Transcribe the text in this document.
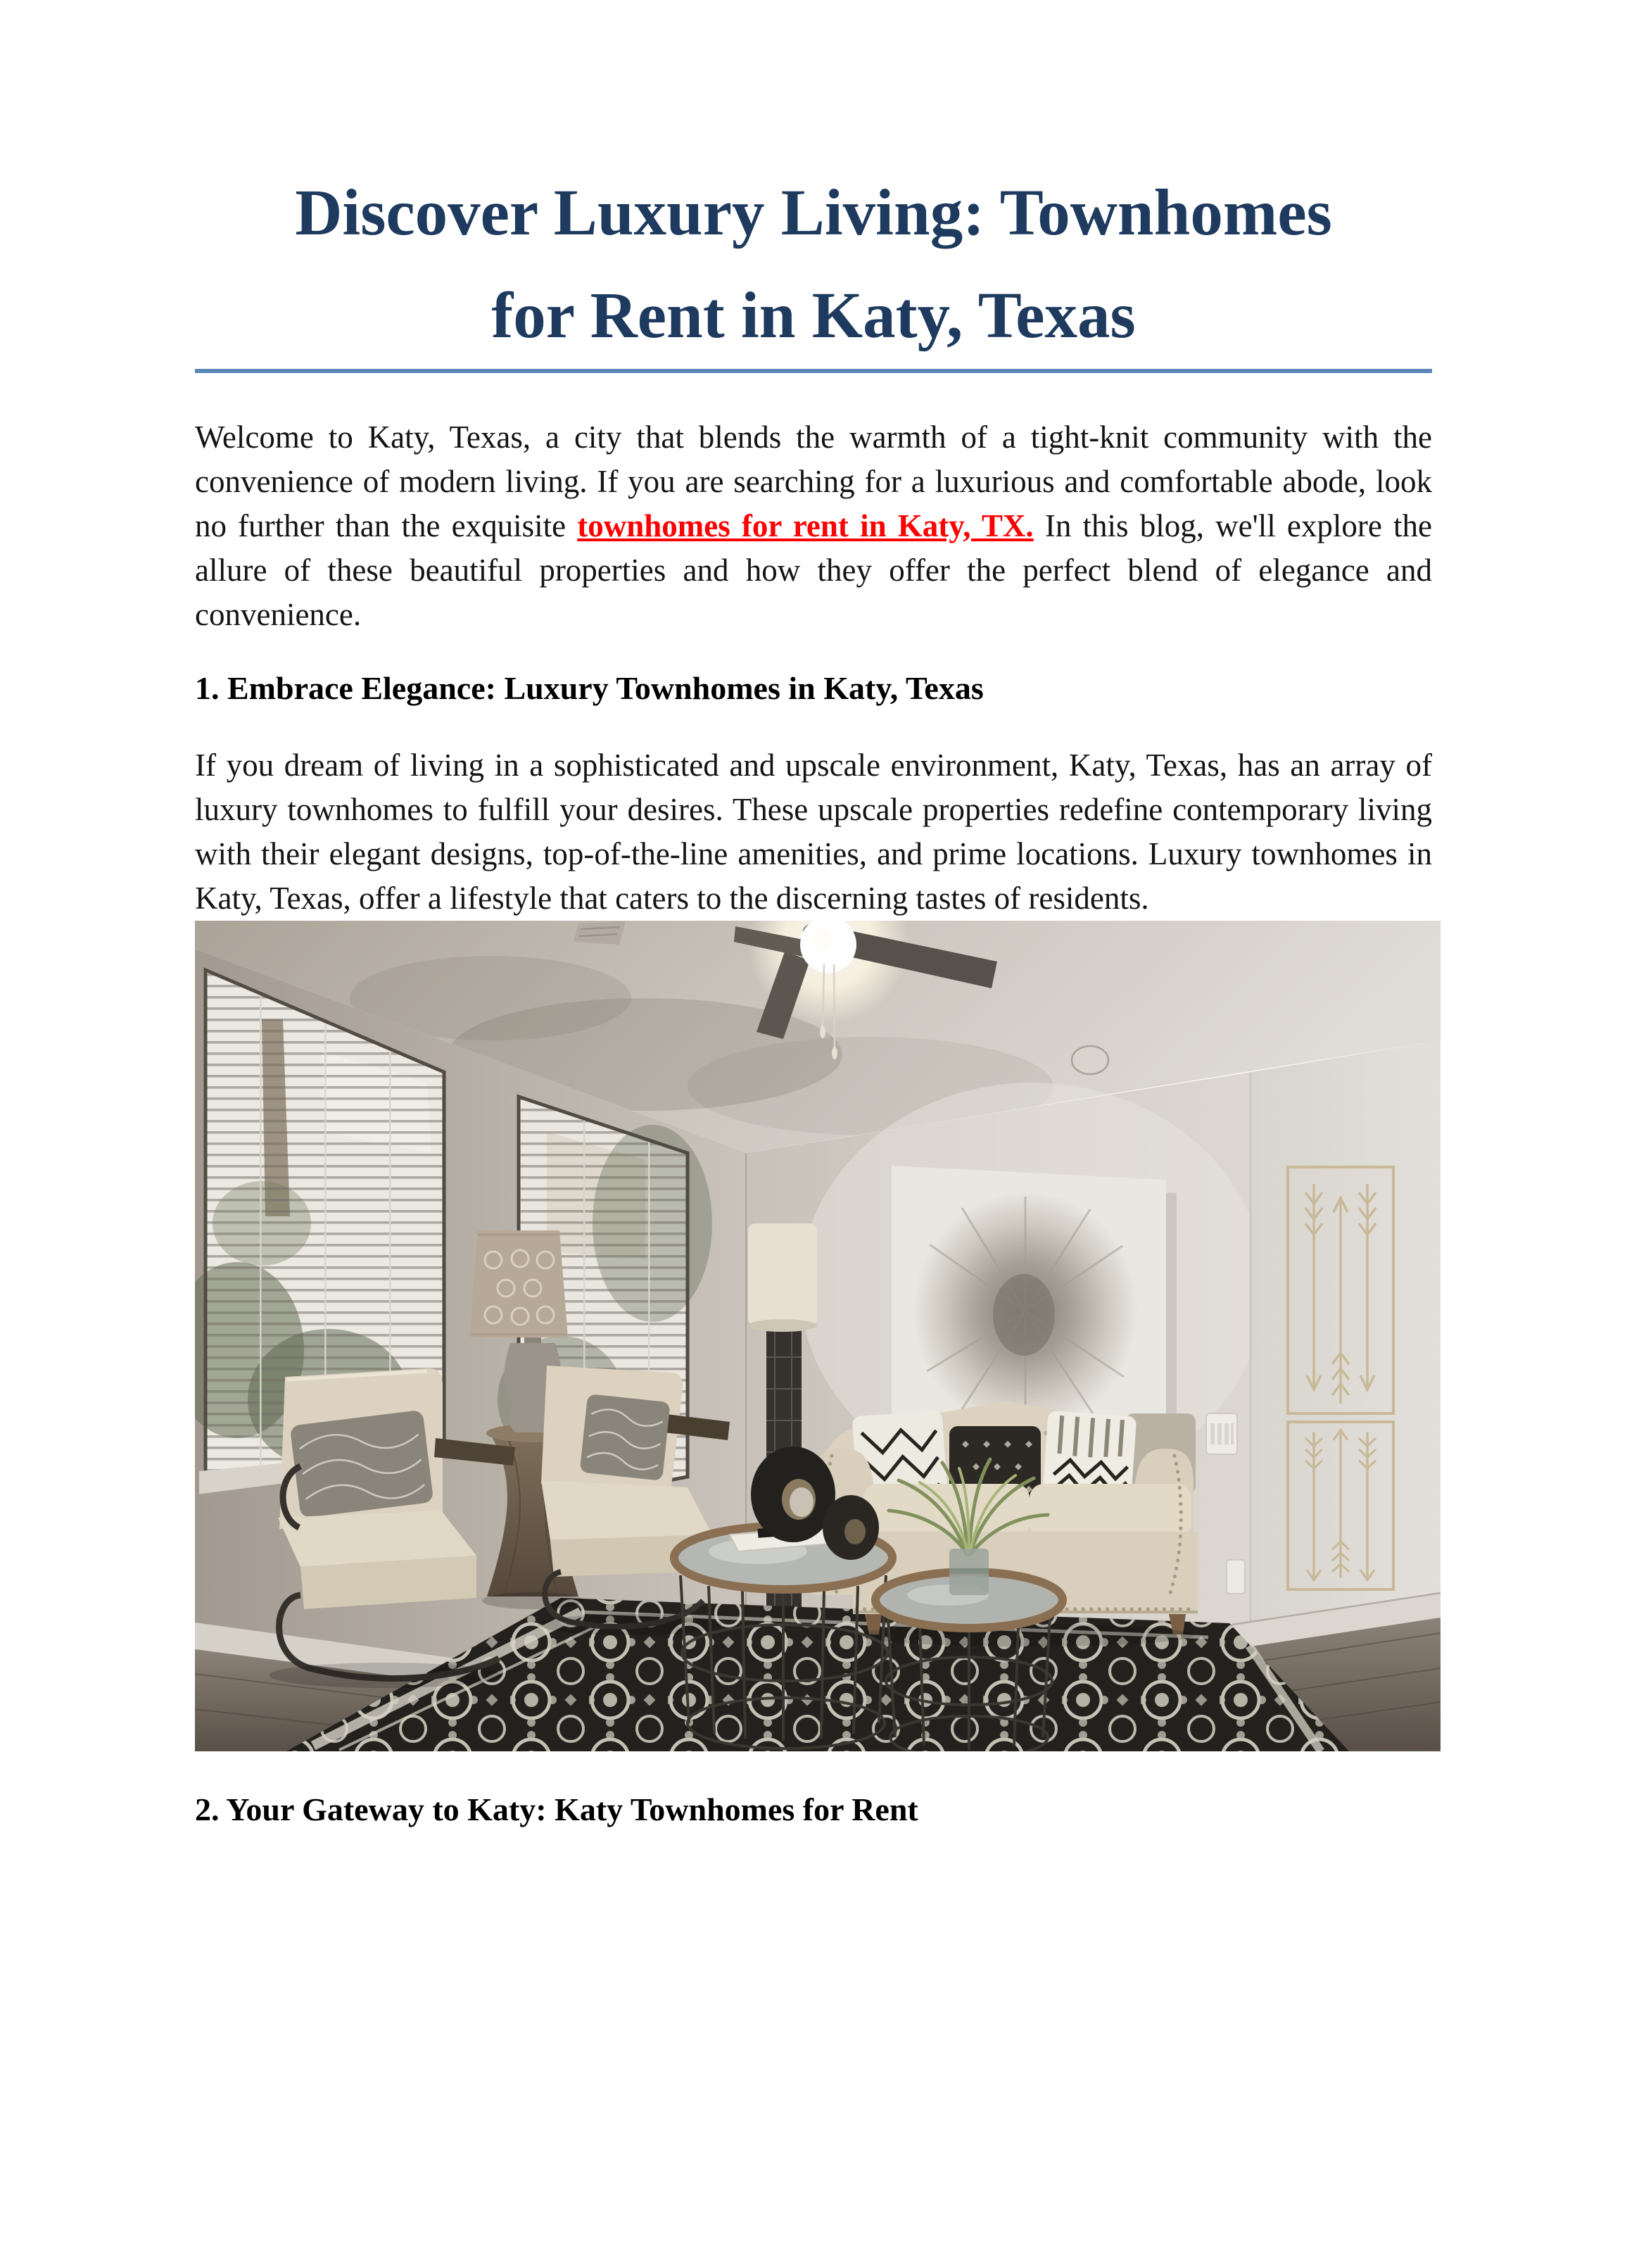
Discover Luxury Living: Townhomes
for Rent in Katy, Texas

Welcome to Katy, Texas, a city that blends the warmth of a tight-knit community with the convenience of modern living. If you are searching for a luxurious and comfortable abode, look no further than the exquisite townhomes for rent in Katy, TX. In this blog, we'll explore the allure of these beautiful properties and how they offer the perfect blend of elegance and convenience.

1. Embrace Elegance: Luxury Townhomes in Katy, Texas

If you dream of living in a sophisticated and upscale environment, Katy, Texas, has an array of luxury townhomes to fulfill your desires. These upscale properties redefine contemporary living with their elegant designs, top-of-the-line amenities, and prime locations. Luxury townhomes in Katy, Texas, offer a lifestyle that caters to the discerning tastes of residents.

2. Your Gateway to Katy: Katy Townhomes for Rent
